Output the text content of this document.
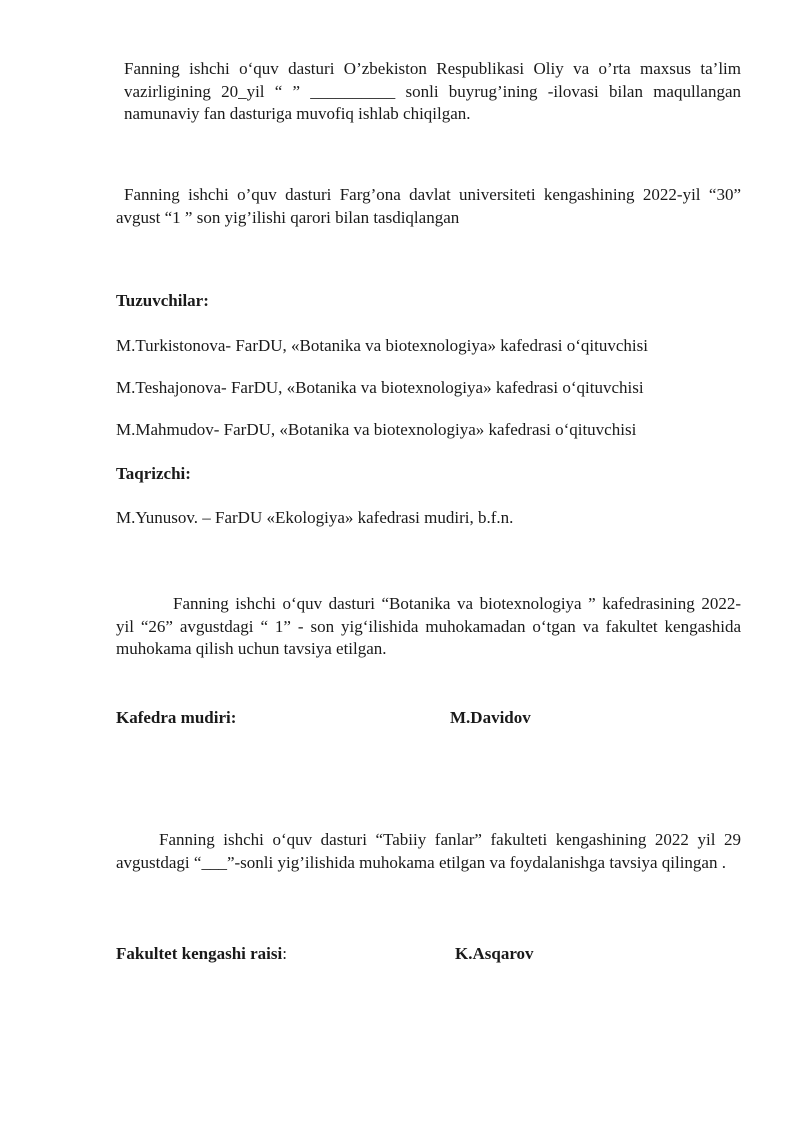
Fanning ishchi o‘quv dasturi O’zbekiston Respublikasi Oliy va o’rta maxsus ta’lim vazirligining 20_yil “ ” __________ sonli buyrug’ining -ilovasi bilan maqullangan namunaviy fan dasturiga muvofiq ishlab chiqilgan.
Fanning ishchi o’quv dasturi Farg’ona davlat universiteti kengashining 2022-yil “30” avgust “1 ” son yig’ilishi qarori bilan tasdiqlangan
Tuzuvchilar:
M.Turkistonova- FarDU, «Botanika va biotexnologiya» kafedrasi o‘qituvchisi
M.Teshajonova- FarDU, «Botanika va biotexnologiya» kafedrasi o‘qituvchisi
M.Mahmudov- FarDU, «Botanika va biotexnologiya» kafedrasi o‘qituvchisi
Taqrizchi:
M.Yunusov. – FarDU «Ekologiya» kafedrasi mudiri, b.f.n.
Fanning ishchi o‘quv dasturi “Botanika va biotexnologiya ” kafedrasining 2022- yil “26” avgustdagi “ 1” - son yig‘ilishida muhokamadan o‘tgan va fakultet kengashida muhokama qilish uchun tavsiya etilgan.
Kafedra mudiri:	M.Davidov
Fanning ishchi o‘quv dasturi “Tabiiy fanlar” fakulteti kengashining 2022 yil 29 avgustdagi “___”-sonli yig’ilishida muhokama etilgan va foydalanishga tavsiya qilingan .
Fakultet kengashi raisi:	K.Asqarov
